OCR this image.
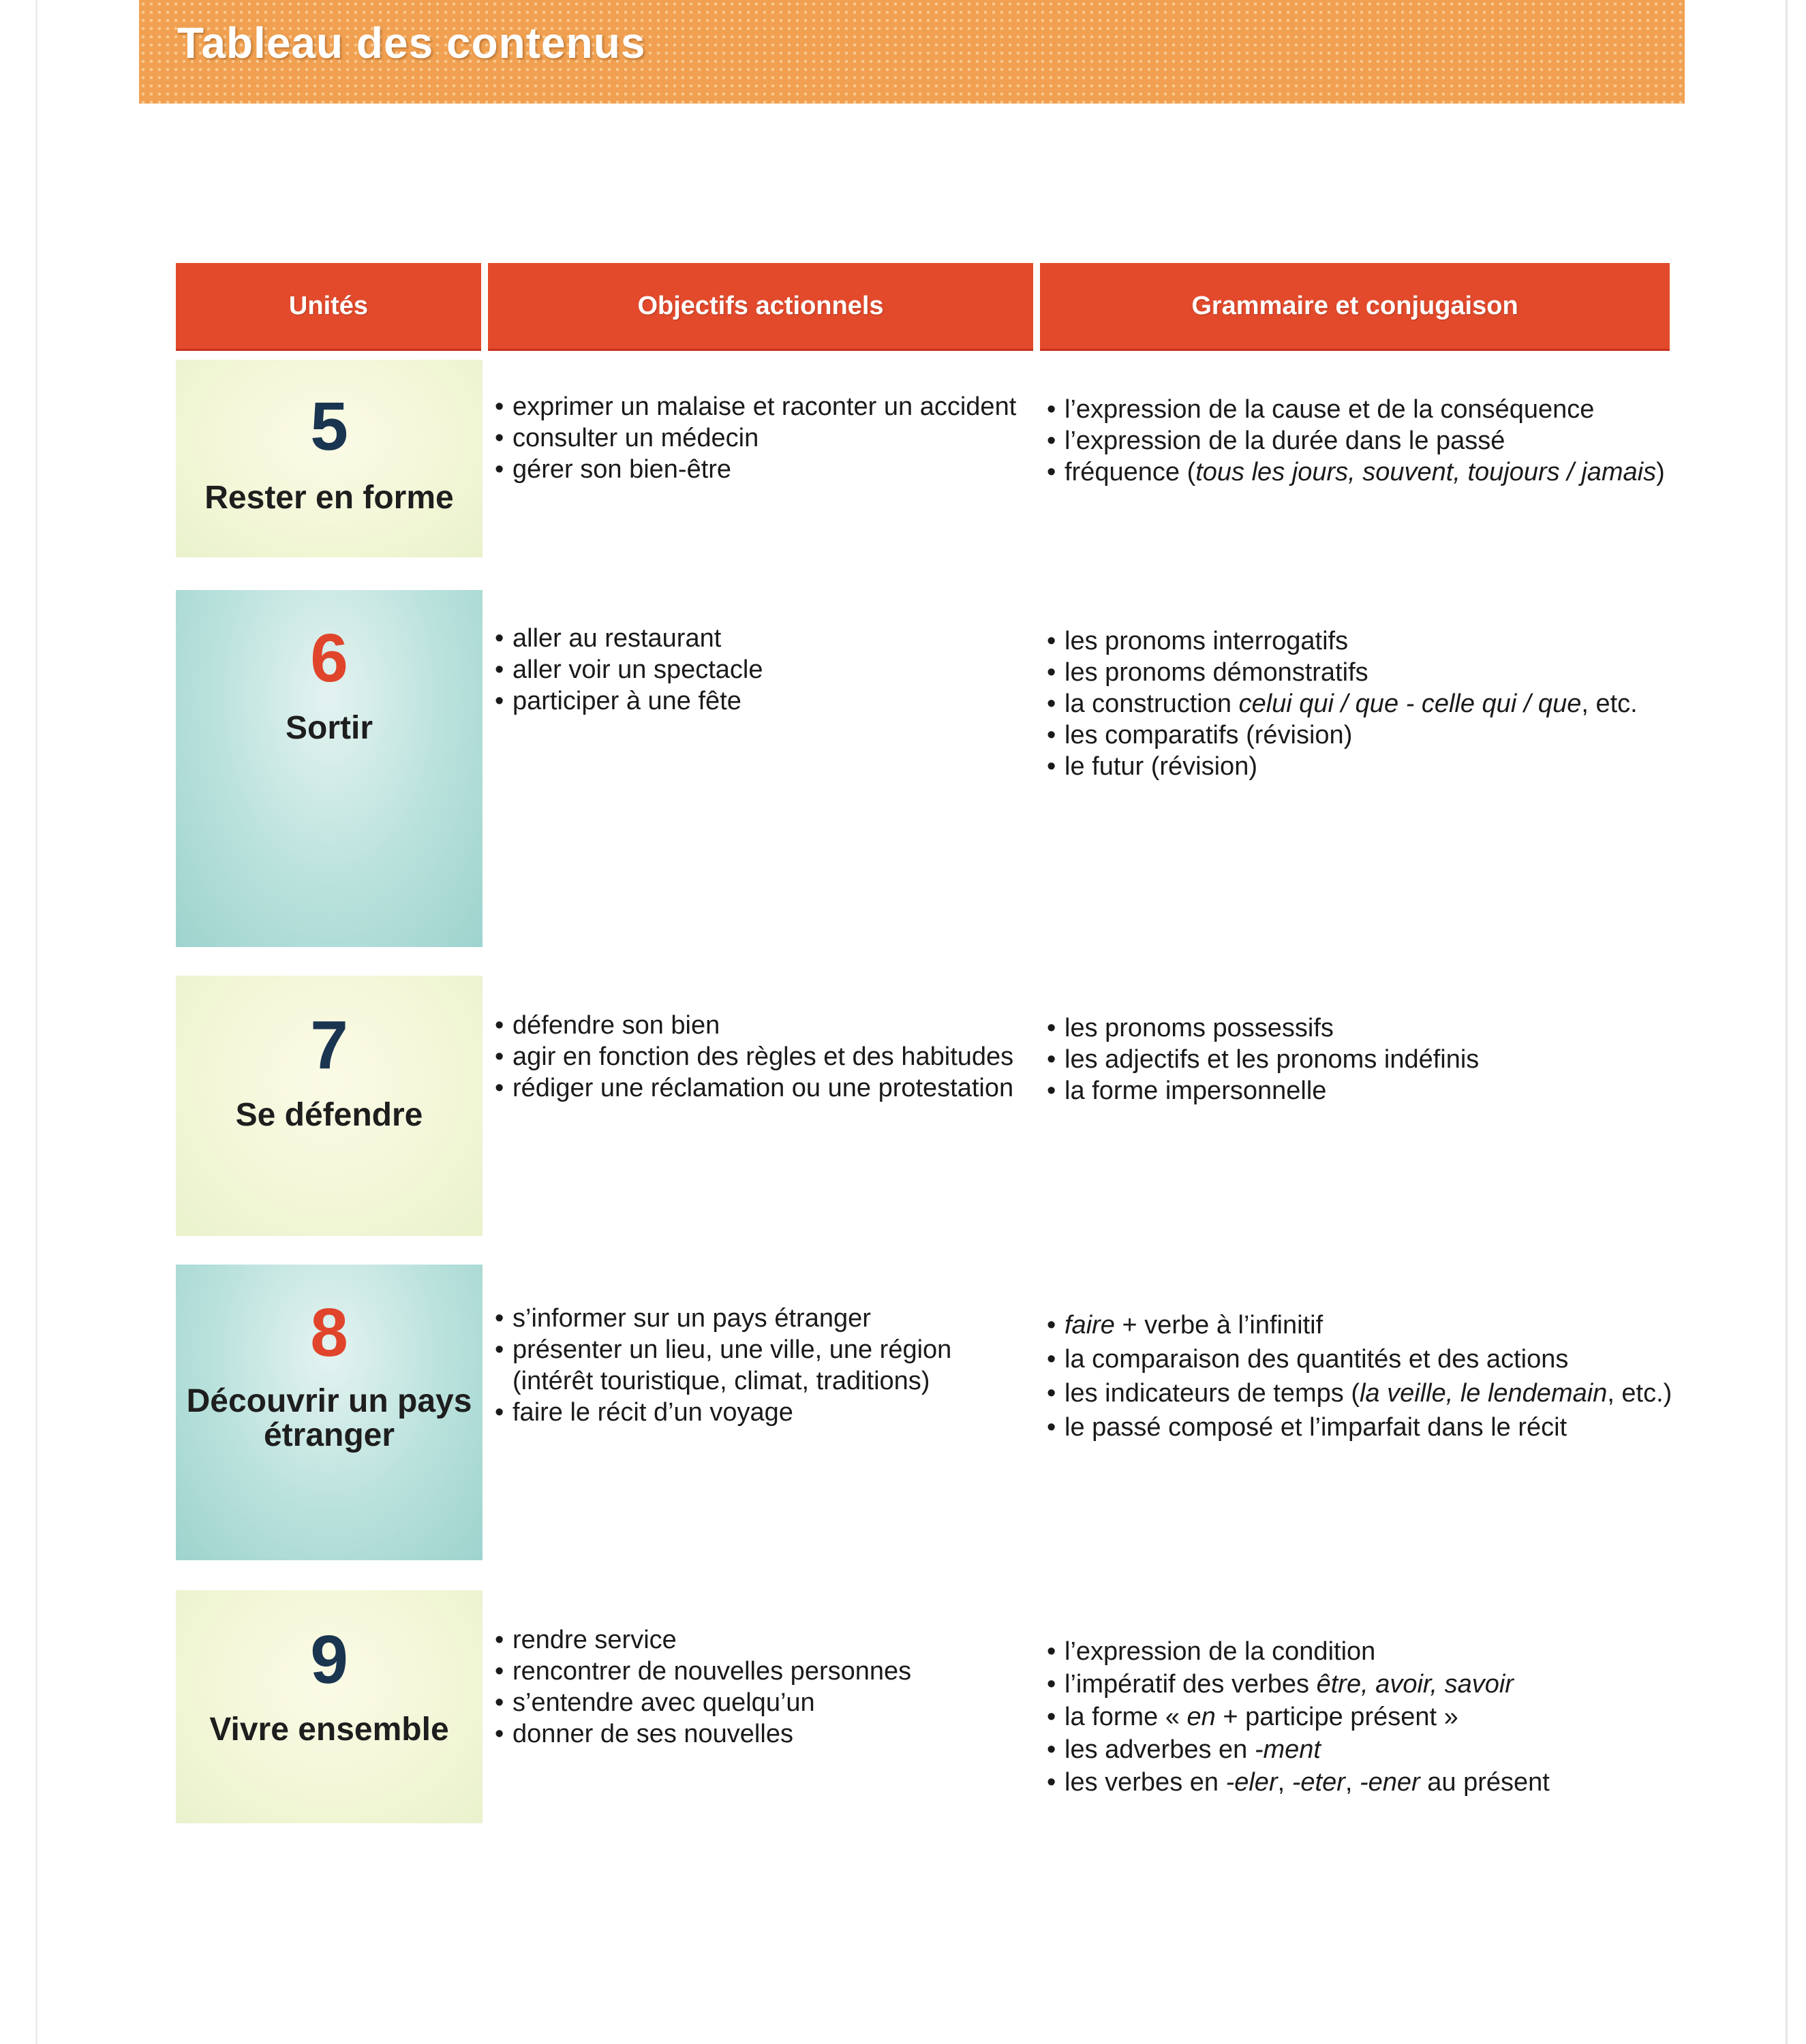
Tableau des contenus
Unités	Objectifs actionnels	Grammaire et conjugaison
5
Rester en forme
• exprimer un malaise et raconter un accident
• consulter un médecin
• gérer son bien-être
• l’expression de la cause et de la conséquence
• l’expression de la durée dans le passé
• fréquence (tous les jours, souvent, toujours / jamais)
6
Sortir
• aller au restaurant
• aller voir un spectacle
• participer à une fête
• les pronoms interrogatifs
• les pronoms démonstratifs
• la construction celui qui / que - celle qui / que, etc.
• les comparatifs (révision)
• le futur (révision)
7
Se défendre
• défendre son bien
• agir en fonction des règles et des habitudes
• rédiger une réclamation ou une protestation
• les pronoms possessifs
• les adjectifs et les pronoms indéfinis
• la forme impersonnelle
8
Découvrir un pays
étranger
• s’informer sur un pays étranger
• présenter un lieu, une ville, une région
(intérêt touristique, climat, traditions)
• faire le récit d’un voyage
• faire + verbe à l’infinitif
• la comparaison des quantités et des actions
• les indicateurs de temps (la veille, le lendemain, etc.)
• le passé composé et l’imparfait dans le récit
9
Vivre ensemble
• rendre service
• rencontrer de nouvelles personnes
• s’entendre avec quelqu’un
• donner de ses nouvelles
• l’expression de la condition
• l’impératif des verbes être, avoir, savoir
• la forme « en + participe présent »
• les adverbes en -ment
• les verbes en -eler, -eter, -ener au présent
